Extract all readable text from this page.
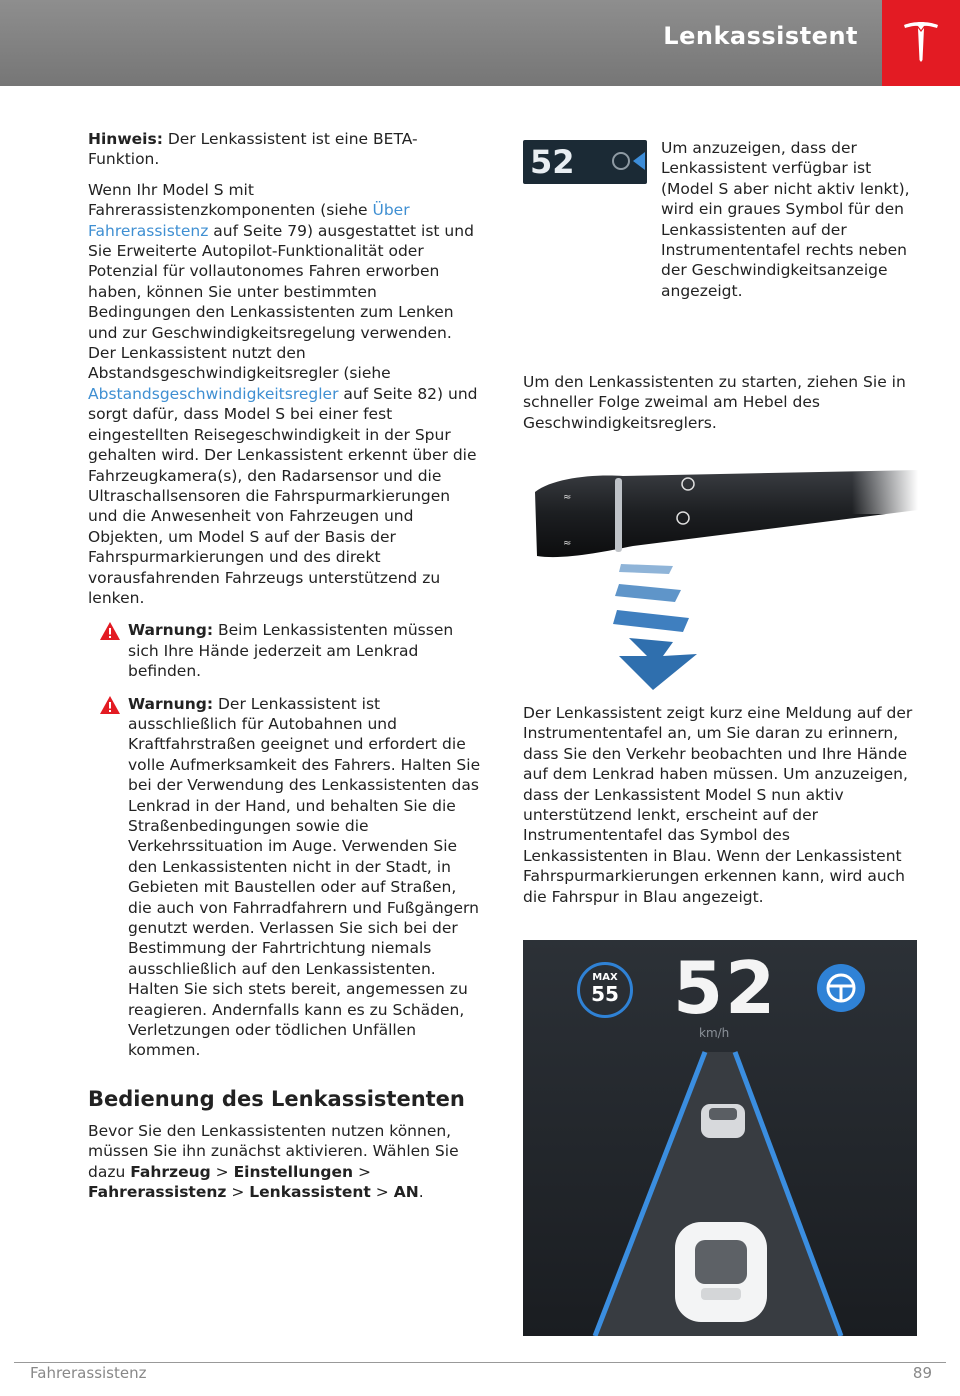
Lenkassistent

Hinweis: Der Lenkassistent ist eine BETA-Funktion.

Wenn Ihr Model S mit Fahrerassistenzkomponenten (siehe Über Fahrerassistenz auf Seite 79) ausgestattet ist und Sie Erweiterte Autopilot-Funktionalität oder Potenzial für vollautonomes Fahren erworben haben, können Sie unter bestimmten Bedingungen den Lenkassistenten zum Lenken und zur Geschwindigkeitsregelung verwenden. Der Lenkassistent nutzt den Abstandsgeschwindigkeitsregler (siehe Abstandsgeschwindigkeitsregler auf Seite 82) und sorgt dafür, dass Model S bei einer fest eingestellten Reisegeschwindigkeit in der Spur gehalten wird. Der Lenkassistent erkennt über die Fahrzeugkamera(s), den Radarsensor und die Ultraschallsensoren die Fahrspurmarkierungen und die Anwesenheit von Fahrzeugen und Objekten, um Model S auf der Basis der Fahrspurmarkierungen und des direkt vorausfahrenden Fahrzeugs unterstützend zu lenken.

Warnung: Beim Lenkassistenten müssen sich Ihre Hände jederzeit am Lenkrad befinden.
Warnung: Der Lenkassistent ist ausschließlich für Autobahnen und Kraftfahrstraßen geeignet und erfordert die volle Aufmerksamkeit des Fahrers. Halten Sie bei der Verwendung des Lenkassistenten das Lenkrad in der Hand, und behalten Sie die Straßenbedingungen sowie die Verkehrssituation im Auge. Verwenden Sie den Lenkassistenten nicht in der Stadt, in Gebieten mit Baustellen oder auf Straßen, die auch von Fahrradfahrern und Fußgängern genutzt werden. Verlassen Sie sich bei der Bestimmung der Fahrtrichtung niemals ausschließlich auf den Lenkassistenten. Halten Sie sich stets bereit, angemessen zu reagieren. Andernfalls kann es zu Schäden, Verletzungen oder tödlichen Unfällen kommen.
Bedienung des Lenkassistenten

Bevor Sie den Lenkassistenten nutzen können, müssen Sie ihn zunächst aktivieren. Wählen Sie dazu Fahrzeug > Einstellungen > Fahrerassistenz > Lenkassistent > AN.

52	Um anzuzeigen, dass der Lenkassistent verfügbar ist (Model S aber nicht aktiv lenkt), wird ein graues Symbol für den Lenkassistenten auf der Instrumententafel rechts neben der Geschwindigkeitsanzeige angezeigt.

Um den Lenkassistenten zu starten, ziehen Sie in schneller Folge zweimal am Hebel des Geschwindigkeitsreglers.

≈
≈

Der Lenkassistent zeigt kurz eine Meldung auf der Instrumententafel an, um Sie daran zu erinnern, dass Sie den Verkehr beobachten und Ihre Hände auf dem Lenkrad haben müssen. Um anzuzeigen, dass der Lenkassistent Model S nun aktiv unterstützend lenkt, erscheint auf der Instrumententafel das Symbol des Lenkassistenten in Blau. Wenn der Lenkassistent Fahrspurmarkierungen erkennen kann, wird auch die Fahrspur in Blau angezeigt.

MAX
55 52
km/h
Fahrerassistenz	89
